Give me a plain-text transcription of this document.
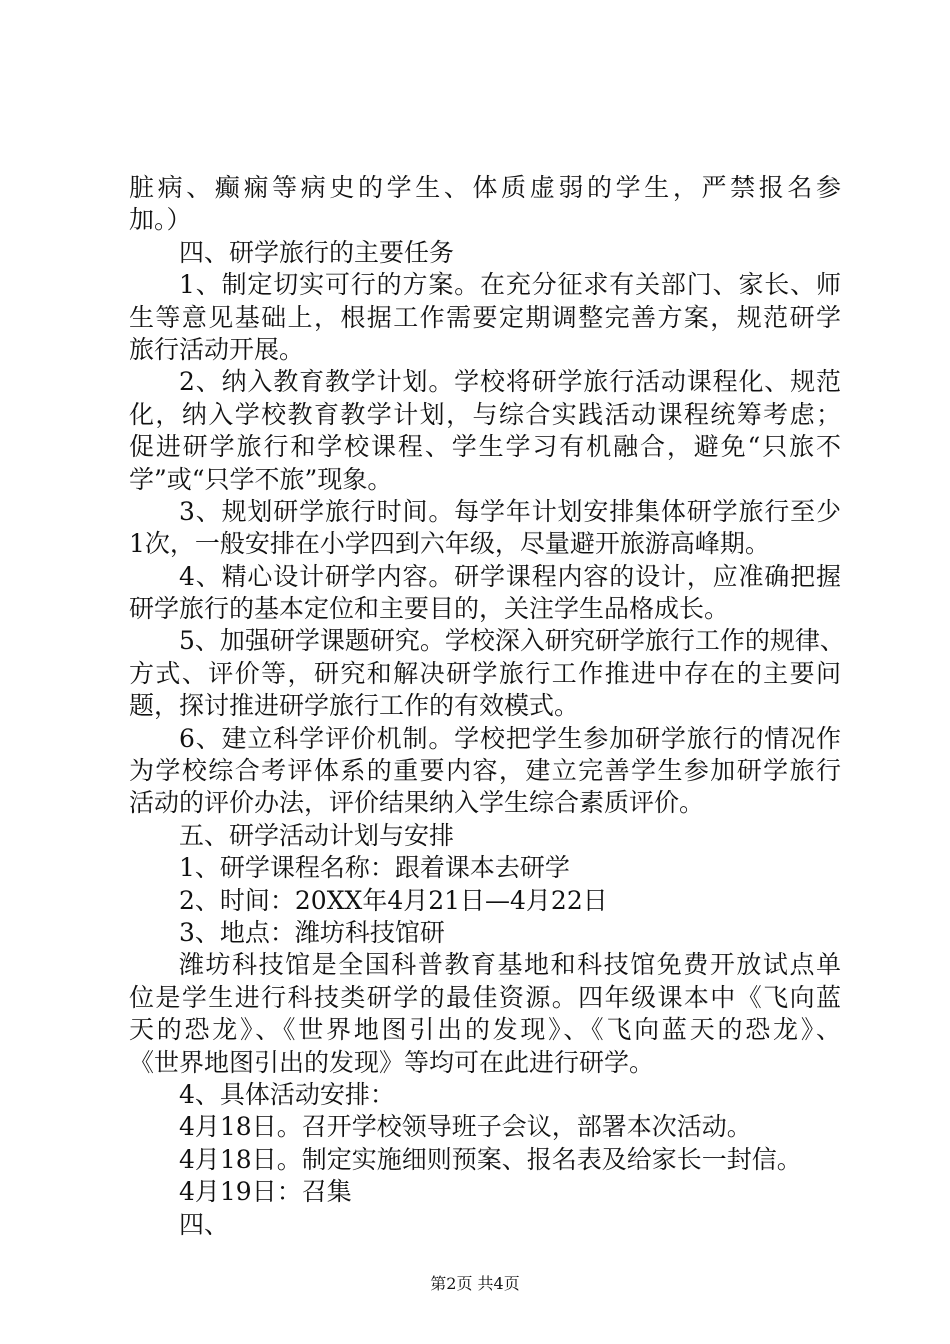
脏病、癫痫等病史的学生、体质虚弱的学生，严禁报名参
加。）
四、研学旅行的主要任务
1、制定切实可行的方案。在充分征求有关部门、家长、师
生等意见基础上，根据工作需要定期调整完善方案，规范研学
旅行活动开展。
2、纳入教育教学计划。学校将研学旅行活动课程化、规范
化，纳入学校教育教学计划，与综合实践活动课程统筹考虑；
促进研学旅行和学校课程、学生学习有机融合，避免“只旅不
学”或“只学不旅”现象。
3、规划研学旅行时间。每学年计划安排集体研学旅行至少
1次，一般安排在小学四到六年级，尽量避开旅游高峰期。
4、精心设计研学内容。研学课程内容的设计，应准确把握
研学旅行的基本定位和主要目的，关注学生品格成长。
5、加强研学课题研究。学校深入研究研学旅行工作的规律、
方式、评价等，研究和解决研学旅行工作推进中存在的主要问
题，探讨推进研学旅行工作的有效模式。
6、建立科学评价机制。学校把学生参加研学旅行的情况作
为学校综合考评体系的重要内容，建立完善学生参加研学旅行
活动的评价办法，评价结果纳入学生综合素质评价。
五、研学活动计划与安排
1、研学课程名称：跟着课本去研学
2、时间：20XX年4月21日—4月22日
3、地点：潍坊科技馆研
潍坊科技馆是全国科普教育基地和科技馆免费开放试点单
位是学生进行科技类研学的最佳资源。四年级课本中《飞向蓝
天的恐龙》、《世界地图引出的发现》、《飞向蓝天的恐龙》、
《世界地图引出的发现》等均可在此进行研学。
4、具体活动安排：
4月18日。召开学校领导班子会议，部署本次活动。
4月18日。制定实施细则预案、报名表及给家长一封信。
4月19日：召集
四、
第2页 共4页
